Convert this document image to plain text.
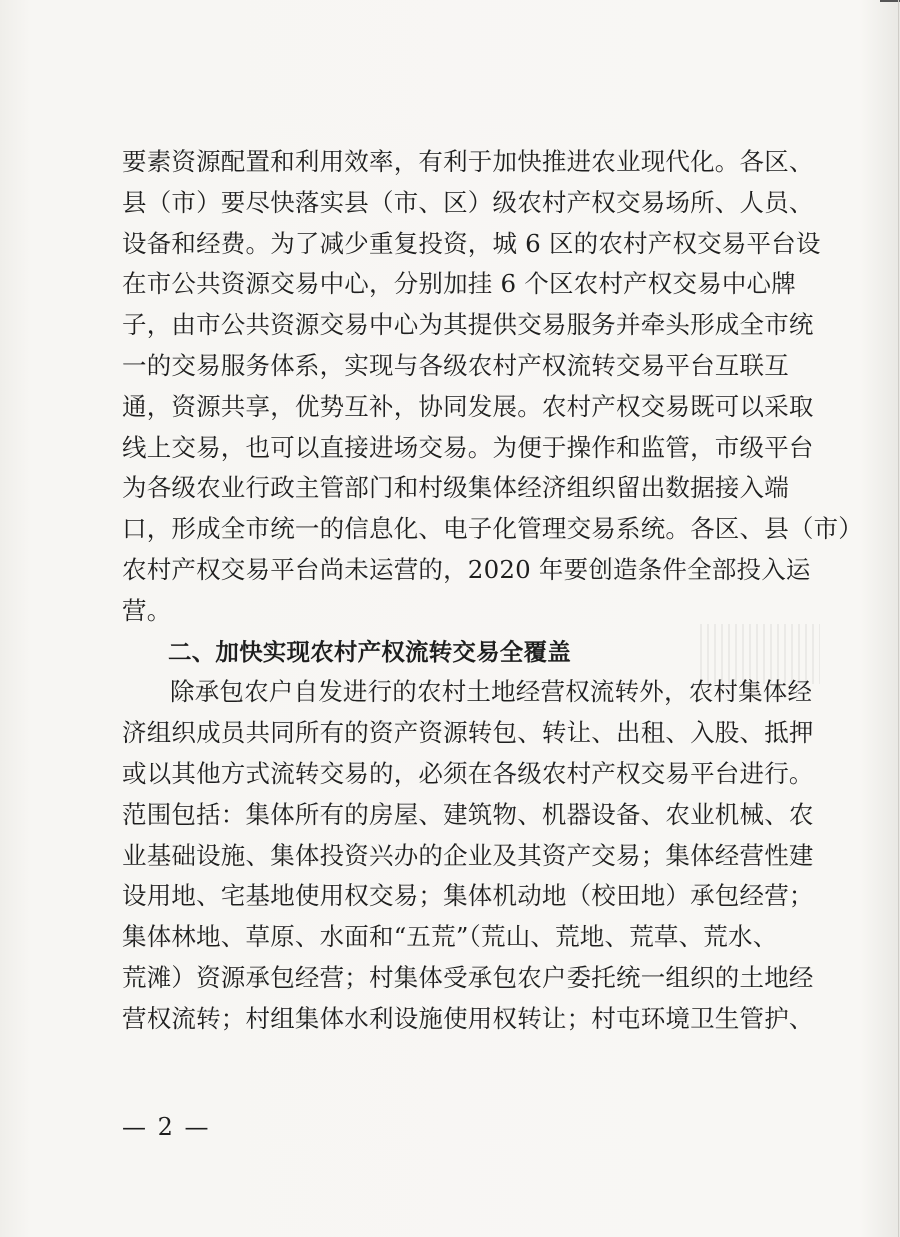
要素资源配置和利用效率，有利于加快推进农业现代化。各区、
县（市）要尽快落实县（市、区）级农村产权交易场所、人员、
设备和经费。为了减少重复投资，城 6 区的农村产权交易平台设
在市公共资源交易中心，分别加挂 6 个区农村产权交易中心牌
子，由市公共资源交易中心为其提供交易服务并牵头形成全市统
一的交易服务体系，实现与各级农村产权流转交易平台互联互
通，资源共享，优势互补，协同发展。农村产权交易既可以采取
线上交易，也可以直接进场交易。为便于操作和监管，市级平台
为各级农业行政主管部门和村级集体经济组织留出数据接入端
口，形成全市统一的信息化、电子化管理交易系统。各区、县（市）
农村产权交易平台尚未运营的，2020 年要创造条件全部投入运
营。
二、加快实现农村产权流转交易全覆盖
除承包农户自发进行的农村土地经营权流转外，农村集体经
济组织成员共同所有的资产资源转包、转让、出租、入股、抵押
或以其他方式流转交易的，必须在各级农村产权交易平台进行。
范围包括：集体所有的房屋、建筑物、机器设备、农业机械、农
业基础设施、集体投资兴办的企业及其资产交易；集体经营性建
设用地、宅基地使用权交易；集体机动地（校田地）承包经营；
集体林地、草原、水面和“五荒”（荒山、荒地、荒草、荒水、
荒滩）资源承包经营；村集体受承包农户委托统一组织的土地经
营权流转；村组集体水利设施使用权转让；村屯环境卫生管护、
— 2 —
